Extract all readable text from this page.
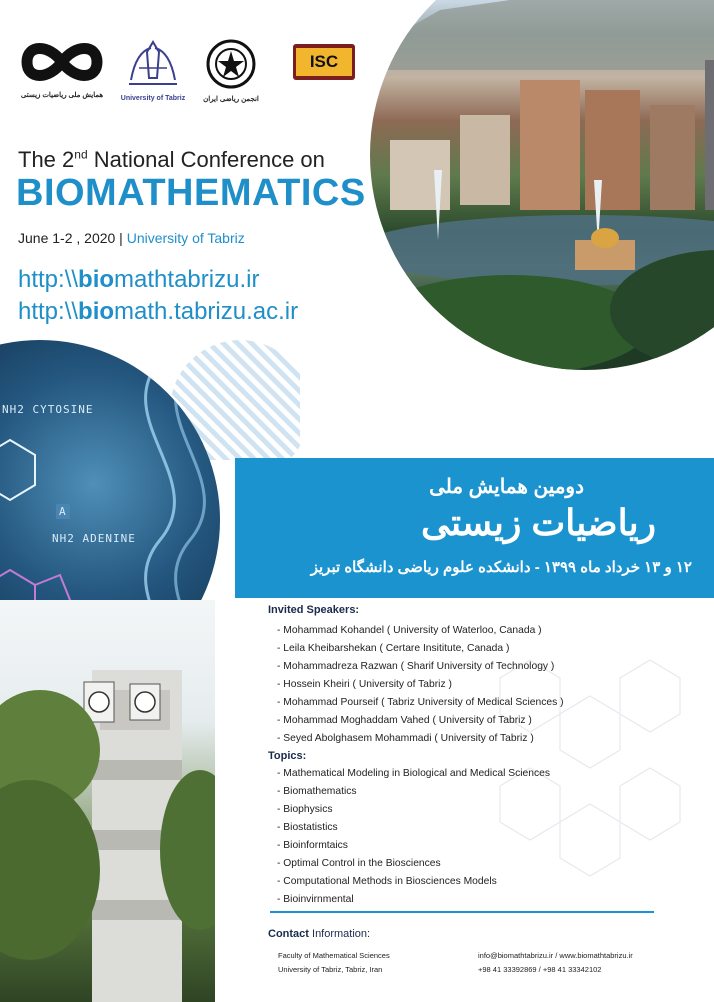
همایش ملی ریاضیات زیستی	University of Tabriz	انجمن ریاضی ایران
ISC
The 2nd National Conference on
BIOMATHEMATICS
June 1-2 , 2020 | University of Tabriz
http:\\biomathtabrizu.ir
http:\\biomath.tabrizu.ac.ir
NH2 CYTOSINE
A
NH2 ADENINE
دومین همایش ملی
ریاضیات زیستی
۱۲ و ۱۳ خرداد ماه ۱۳۹۹ - دانشکده علوم ریاضی دانشگاه تبریز
Invited Speakers:
- Mohammad Kohandel ( University of Waterloo, Canada )
- Leila Kheibarshekan ( Certare Insititute, Canada )
- Mohammadreza Razwan ( Sharif University of Technology )
- Hossein Kheiri ( University of Tabriz )
- Mohammad Pourseif ( Tabriz University of Medical Sciences )
- Mohammad Moghaddam Vahed ( University of Tabriz )
- Seyed Abolghasem Mohammadi ( University of Tabriz )
Topics:
- Mathematical Modeling in Biological and Medical Sciences
- Biomathematics
- Biophysics
- Biostatistics
- Bioinformtaics
- Optimal Control in the Biosciences
- Computational Methods in Biosciences Models
- Bioinvirnmental
Contact Information:
Faculty of Mathematical Sciences
University of Tabriz, Tabriz, Iran
info@biomathtabrizu.ir / www.biomathtabrizu.ir
+98 41 33392869 / +98 41 33342102
